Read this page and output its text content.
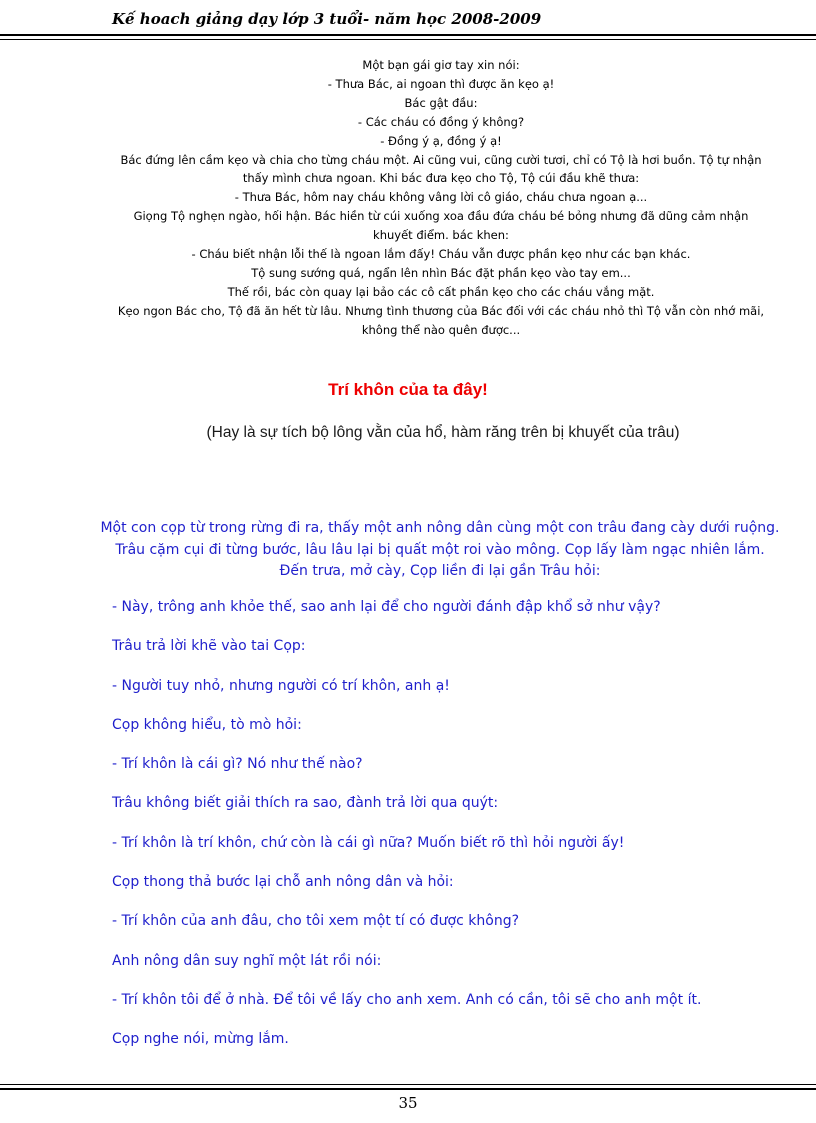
Kế hoach giảng dạy lớp 3 tuổi- năm học 2008-2009

Một bạn gái giơ tay xin nói:

- Thưa Bác, ai ngoan thì được ăn kẹo ạ!

Bác gật đầu:

- Các cháu có đồng ý không?

- Đồng ý ạ, đồng ý ạ!

Bác đứng lên cầm kẹo và chia cho từng cháu một. Ai cũng vui, cũng cười tươi, chỉ có Tộ là hơi buồn. Tộ tự nhận thấy mình chưa ngoan. Khi bác đưa kẹo cho Tộ, Tộ cúi đầu khẽ thưa:

- Thưa Bác, hôm nay cháu không vâng lời cô giáo, cháu chưa ngoan ạ...

Giọng Tộ nghẹn ngào, hối hận. Bác hiền từ cúi xuống xoa đầu đứa cháu bé bỏng nhưng đã dũng cảm nhận khuyết điểm. bác khen:

- Cháu biết nhận lỗi thế là ngoan lắm đấy! Cháu vẫn được phần kẹo như các bạn khác.

Tộ sung sướng quá, ngẩn lên nhìn Bác đặt phần kẹo vào tay em...

Thế rồi, bác còn quay lại bảo các cô cất phần kẹo cho các cháu vắng mặt.

Kẹo ngon Bác cho, Tộ đã ăn hết từ lâu. Nhưng tình thương của Bác đối với các cháu nhỏ thì Tộ vẫn còn nhớ mãi, không thể nào quên được...

Trí khôn của ta đây!
(Hay là sự tích bộ lông vằn của hổ, hàm răng trên bị khuyết của trâu)
Một con cọp từ trong rừng đi ra, thấy một anh nông dân cùng một con trâu đang cày dưới ruộng. Trâu cặm cụi đi từng bước, lâu lâu lại bị quất một roi vào mông. Cọp lấy làm ngạc nhiên lắm. Đến trưa, mở cày, Cọp liền đi lại gần Trâu hỏi:

- Này, trông anh khỏe thế, sao anh lại để cho người đánh đập khổ sở như vậy?

Trâu trả lời khẽ vào tai Cọp:

- Người tuy nhỏ, nhưng người có trí khôn, anh ạ!

Cọp không hiểu, tò mò hỏi:

- Trí khôn là cái gì? Nó như thế nào?

Trâu không biết giải thích ra sao, đành trả lời qua quýt:

- Trí khôn là trí khôn, chứ còn là cái gì nữa? Muốn biết rõ thì hỏi người ấy!

Cọp thong thả bước lại chỗ anh nông dân và hỏi:

- Trí khôn của anh đâu, cho tôi xem một tí có được không?

Anh nông dân suy nghĩ một lát rồi nói:

- Trí khôn tôi để ở nhà. Để tôi về lấy cho anh xem. Anh có cần, tôi sẽ cho anh một ít.

Cọp nghe nói, mừng lắm.

35
